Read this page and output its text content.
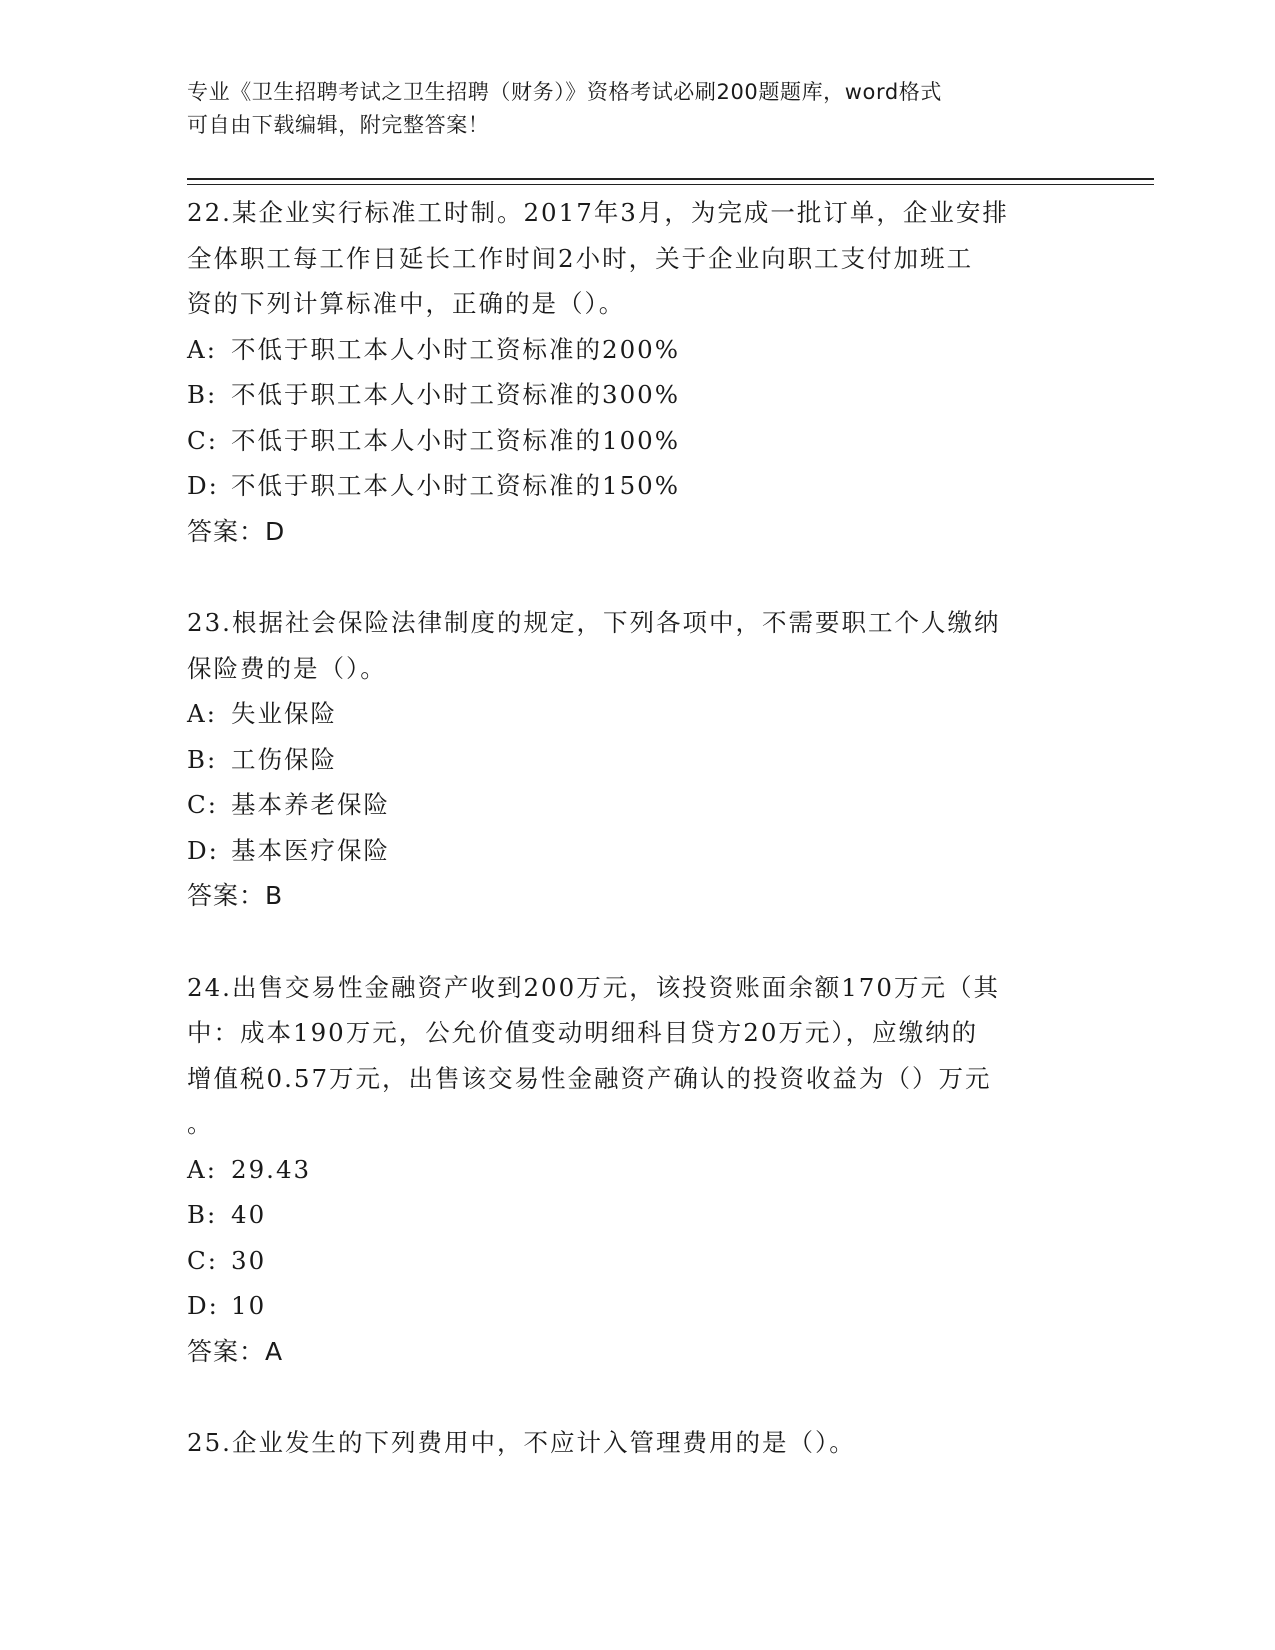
专业《卫生招聘考试之卫生招聘（财务）》资格考试必刷200题题库，word格式
可自由下载编辑，附完整答案！
22.某企业实行标准工时制。2017年3月，为完成一批订单，企业安排
全体职工每工作日延长工作时间2小时，关于企业向职工支付加班工
资的下列计算标准中，正确的是（）。
A: 不低于职工本人小时工资标准的200%
B: 不低于职工本人小时工资标准的300%
C: 不低于职工本人小时工资标准的100%
D: 不低于职工本人小时工资标准的150%
答案：D
23.根据社会保险法律制度的规定，下列各项中，不需要职工个人缴纳
保险费的是（）。
A: 失业保险
B: 工伤保险
C: 基本养老保险
D: 基本医疗保险
答案：B
24.出售交易性金融资产收到200万元，该投资账面余额170万元（其
中：成本190万元，公允价值变动明细科目贷方20万元），应缴纳的
增值税0.57万元，出售该交易性金融资产确认的投资收益为（）万元
。
A: 29.43
B: 40
C: 30
D: 10
答案：A
25.企业发生的下列费用中，不应计入管理费用的是（）。
